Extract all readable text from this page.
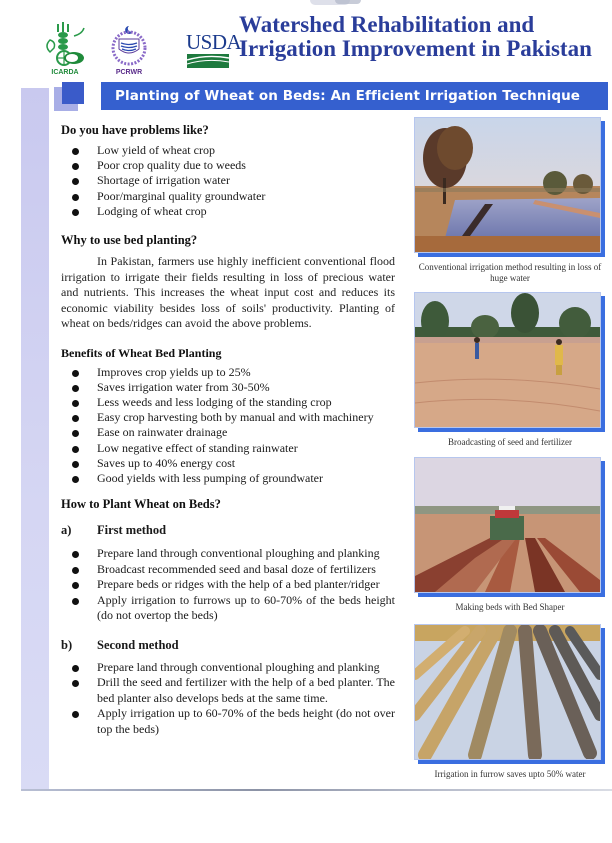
ICARDA	PCRWR
USDA
Watershed Rehabilitation and
Irrigation Improvement in Pakistan
Planting of Wheat on Beds: An Efficient Irrigation Technique
Do you have problems like?
Low yield of wheat crop
Poor crop quality due to weeds
Shortage of irrigation water
Poor/marginal quality groundwater
Lodging of wheat crop
Why to use bed planting?

In Pakistan, farmers use highly inefficient conventional flood irrigation to irrigate their fields resulting in loss of precious water and nutrients. This increases the wheat input cost and reduces its economic viability besides loss of soils' productivity. Planting of wheat on beds/ridges can avoid the above problems.

Benefits of Wheat Bed Planting
Improves crop yields up to 25%
Saves irrigation water from 30-50%
Less weeds and less lodging of the standing crop
Easy crop harvesting both by manual and with machinery
Ease on rainwater drainage
Low negative effect of standing rainwater
Saves up to 40% energy cost
Good yields with less pumping of groundwater
How to Plant Wheat on Beds?
a)	First method
Prepare land through conventional ploughing and planking
Broadcast recommended seed and basal doze of fertilizers
Prepare beds or ridges with the help of a bed planter/ridger
Apply irrigation to furrows up to 60-70% of the beds height (do not overtop the beds)
b)	Second method
Prepare land through conventional ploughing and planking
Drill the seed and fertilizer with the help of a bed planter. The bed planter also develops beds at the same time.
Apply irrigation up to 60-70% of the beds height (do not over top the beds)
Conventional irrigation method resulting in loss of huge water
Broadcasting of seed and fertilizer
Making beds with Bed Shaper
Irrigation in furrow saves upto 50% water
